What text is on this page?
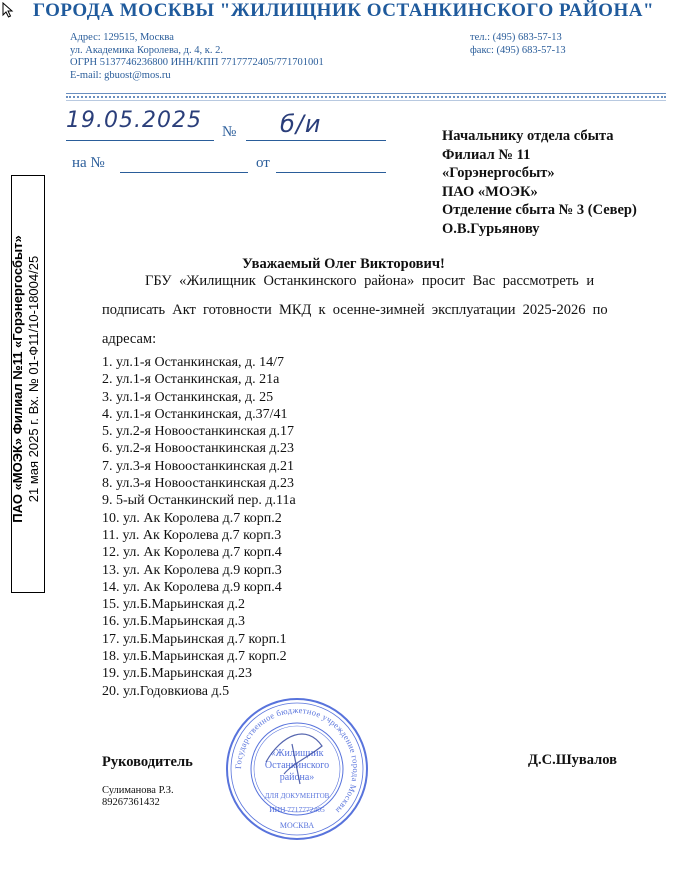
ГОРОДА МОСКВЫ "ЖИЛИЩНИК ОСТАНКИНСКОГО РАЙОНА"
Адрес: 129515, Москва
ул. Академика Королева, д. 4, к. 2.
ОГРН 5137746236800 ИНН/КПП 7717772405/771701001
E-mail: gbuost@mos.ru
тел.: (495) 683-57-13
факс: (495) 683-57-13
19.05.2025 № б/и
на №	от
Начальнику отдела сбыта
Филиал № 11
«Горэнергосбыт»
ПАО «МОЭК»
Отделение сбыта № 3 (Север)
О.В.Гурьянову
ПАО «МОЭК» Филиал №11 «Горэнергосбыт» 21 мая 2025 г. Вх. № 01-Ф11/10-18004/25	Уважаемый Олег Викторович!
ГБУ «Жилищник Останкинского района» просит Вас рассмотреть и
подписать Акт готовности МКД к осенне-зимней эксплуатации 2025-2026 по
адресам:
1. ул.1-я Останкинская, д. 14/7
2. ул.1-я Останкинская, д. 21а
3. ул.1-я Останкинская, д. 25
4. ул.1-я Останкинская, д.37/41
5. ул.2-я Новоостанкинская д.17
6. ул.2-я Новоостанкинская д.23
7. ул.3-я Новоостанкинская д.21
8. ул.3-я Новоостанкинская д.23
9. 5-ый Останкинский пер. д.11а
10. ул. Ак Королева д.7 корп.2
11. ул. Ак Королева д.7 корп.3
12. ул. Ак Королева д.7 корп.4
13. ул. Ак Королева д.9 корп.3
14. ул. Ак Королева д.9 корп.4
15. ул.Б.Марьинская д.2
16. ул.Б.Марьинская д.3
17. ул.Б.Марьинская д.7 корп.1
18. ул.Б.Марьинская д.7 корп.2
19. ул.Б.Марьинская д.23
20. ул.Годовкиова д.5
Государственное бюджетное учреждение города Москвы
«Жилищник
Останкинского
района»
ДЛЯ ДОКУМЕНТОВ
ИНН 7717772405
МОСКВА
Руководитель	Д.С.Шувалов
Сулиманова Р.З.
89267361432
